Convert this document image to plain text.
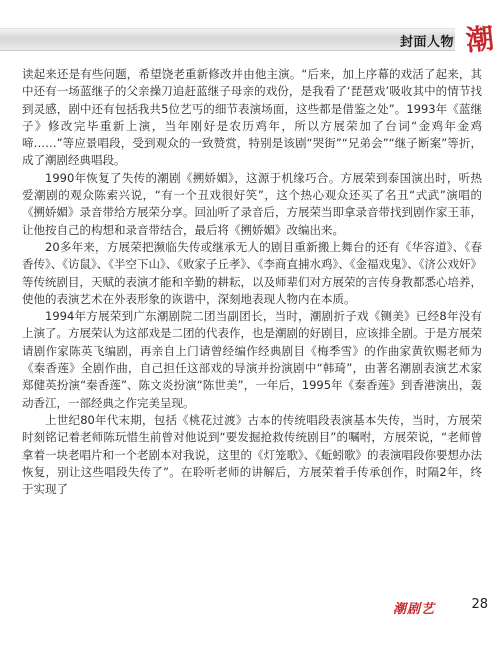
封面人物 潮

读起来还是有些问题，希望饶老重新修改并由他主演。“后来，加上序幕的戏活了起来，其中还有一场蓝继子的父亲操刀追赶蓝继子母亲的戏份，是我看了‘琵琶戏’吸收其中的情节找到灵感，剧中还有包括我共5位艺丐的细节表演场面，这些都是借鉴之处”。1993年《蓝继子》修改完毕重新上演，当年刚好是农历鸡年，所以方展荣加了台词“金鸡年金鸡啼……”等应景唱段，受到观众的一致赞赏，特别是该剧“哭街”“兄弟会”“继子断案”等折，成了潮剧经典唱段。

1990年恢复了失传的潮剧《搠娇媚》，这源于机缘巧合。方展荣到泰国演出时，听热爱潮剧的观众陈索兴说，“有一个丑戏很好笑”，这个热心观众还买了名丑“式武”演唱的《搠娇媚》录音带给方展荣分享。回汕听了录音后，方展荣当即拿录音带找到剧作家王菲，让他按自己的构想和录音带结合，最后将《搠娇媚》改编出来。

20多年来，方展荣把濒临失传或继承无人的剧目重新搬上舞台的还有《华容道》、《春香传》、《访鼠》、《半空下山》、《败家子丘孝》、《李商直捕水鸡》、《金福戏鬼》、《济公戏奸》等传统剧目，天赋的表演才能和辛勤的耕耘，以及师辈们对方展荣的言传身教都悉心培养，使他的表演艺术在外表形象的诙谐中，深刻地表现人物内在本质。

1994年方展荣到广东潮剧院二团当副团长，当时，潮剧折子戏《铡美》已经8年没有上演了。方展荣认为这部戏是二团的代表作，也是潮剧的好剧目，应该排全剧。于是方展荣请剧作家陈英飞编剧，再亲自上门请曾经编作经典剧目《梅季雪》的作曲家黄钦赐老师为《秦香莲》全剧作曲，自己担任这部戏的导演并扮演剧中“韩琦”，由著名潮剧表演艺术家郑健英扮演“秦香莲”、陈文炎扮演“陈世美”，一年后，1995年《秦香莲》到香港演出，轰动香江，一部经典之作完美呈现。

上世纪80年代末期，包括《桃花过渡》古本的传统唱段表演基本失传，当时，方展荣时刻铭记着老师陈玩惜生前曾对他说到“要发掘抢救传统剧目”的嘱咐，方展荣说，“老师曾拿着一块老唱片和一个老剧本对我说，这里的《灯笼歌》、《蚯蚓歌》的表演唱段你要想办法恢复，别让这些唱段失传了”。在聆听老师的讲解后，方展荣着手传承创作，时隔2年，终于实现了

潮剧艺	28
